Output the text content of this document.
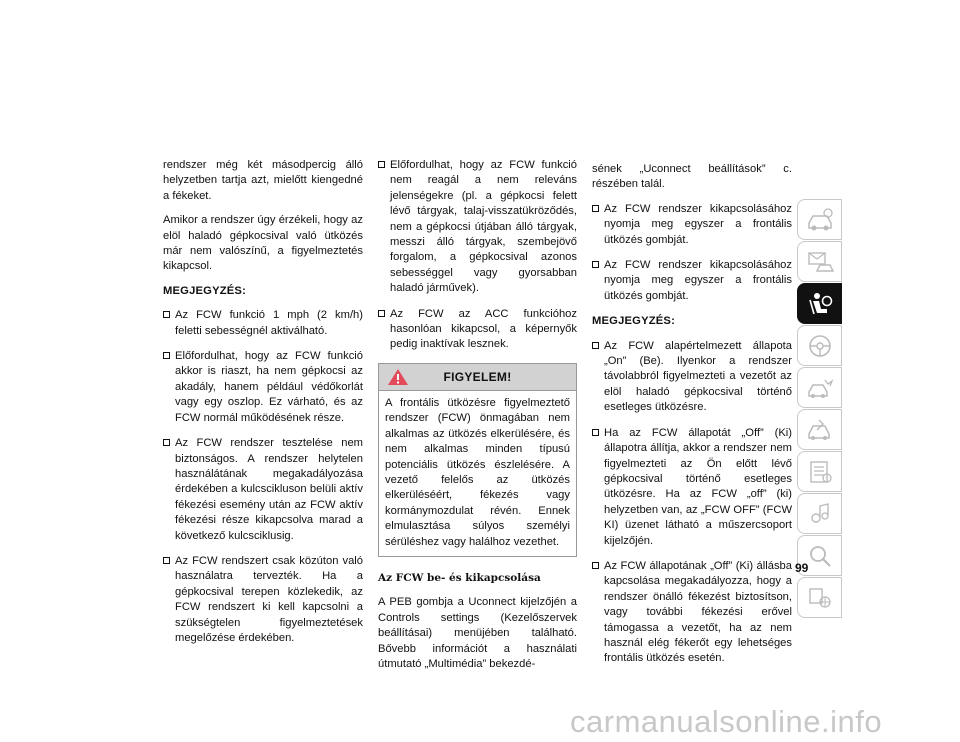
rendszer még két másodpercig álló helyzetben tartja azt, mielőtt kiengedné a fékeket.

Amikor a rendszer úgy érzékeli, hogy az elöl haladó gépkocsival való ütközés már nem valószínű, a figyelmeztetés kikapcsol.

MEGJEGYZÉS:
Az FCW funkció 1 mph (2 km/h) feletti sebességnél aktiválható.
Előfordulhat, hogy az FCW funkció akkor is riaszt, ha nem gépkocsi az akadály, hanem például védőkorlát vagy egy oszlop. Ez várható, és az FCW normál működésének része.
Az FCW rendszer tesztelése nem biztonságos. A rendszer helytelen használátának megakadályozása érdekében a kulcscikluson belüli aktív fékezési esemény után az FCW aktív fékezési része kikapcsolva marad a következő kulcsciklusig.
Az FCW rendszert csak közúton való használatra tervezték. Ha a gépkocsival terepen közlekedik, az FCW rendszert ki kell kapcsolni a szükségtelen figyelmeztetések megelőzése érdekében.
Előfordulhat, hogy az FCW funkció nem reagál a nem releváns jelenségekre (pl. a gépkocsi felett lévő tárgyak, talaj-visszatükröződés, nem a gépkocsi útjában álló tárgyak, messzi álló tárgyak, szembejövő forgalom, a gépkocsival azonos sebességgel vagy gyorsabban haladó járművek).
Az FCW az ACC funkcióhoz hasonlóan kikapcsol, a képernyők pedig inaktívak lesznek.
FIGYELEM!
A frontális ütközésre figyelmeztető rendszer (FCW) önmagában nem alkalmas az ütközés elkerülésére, és nem alkalmas minden típusú potenciális ütközés észlelésére. A vezető felelős az ütközés elkerüléséért, fékezés vagy kormánymozdulat révén. Ennek elmulasztása súlyos személyi sérüléshez vagy halálhoz vezethet.
Az FCW be- és kikapcsolása

A PEB gombja a Uconnect kijelzőjén a Controls settings (Kezelőszervek beállításai) menüjében található. Bővebb információt a használati útmutató „Multimédia” bekezdé-

sének „Uconnect beállítások” c. részében talál.

Az FCW rendszer kikapcsolásához nyomja meg egyszer a frontális ütközés gombját.
Az FCW rendszer kikapcsolásához nyomja meg egyszer a frontális ütközés gombját.
MEGJEGYZÉS:
Az FCW alapértelmezett állapota „On” (Be). Ilyenkor a rendszer távolabbról figyelmezteti a vezetőt az elöl haladó gépkocsival történő esetleges ütközésre.
Ha az FCW állapotát „Off” (Ki) állapotra állítja, akkor a rendszer nem figyelmezteti az Ön előtt lévő gépkocsival történő esetleges ütközésre. Ha az FCW „off” (ki) helyzetben van, az „FCW OFF” (FCW KI) üzenet látható a műszercsoport kijelzőjén.
Az FCW állapotának „Off” (Ki) állásba kapcsolása megakadályozza, hogy a rendszer önálló fékezést biztosítson, vagy további fékezési erővel támogassa a vezetőt, ha az nem használ elég fékerőt egy lehetséges frontális ütközés esetén.
99
carmanualsonline.info
